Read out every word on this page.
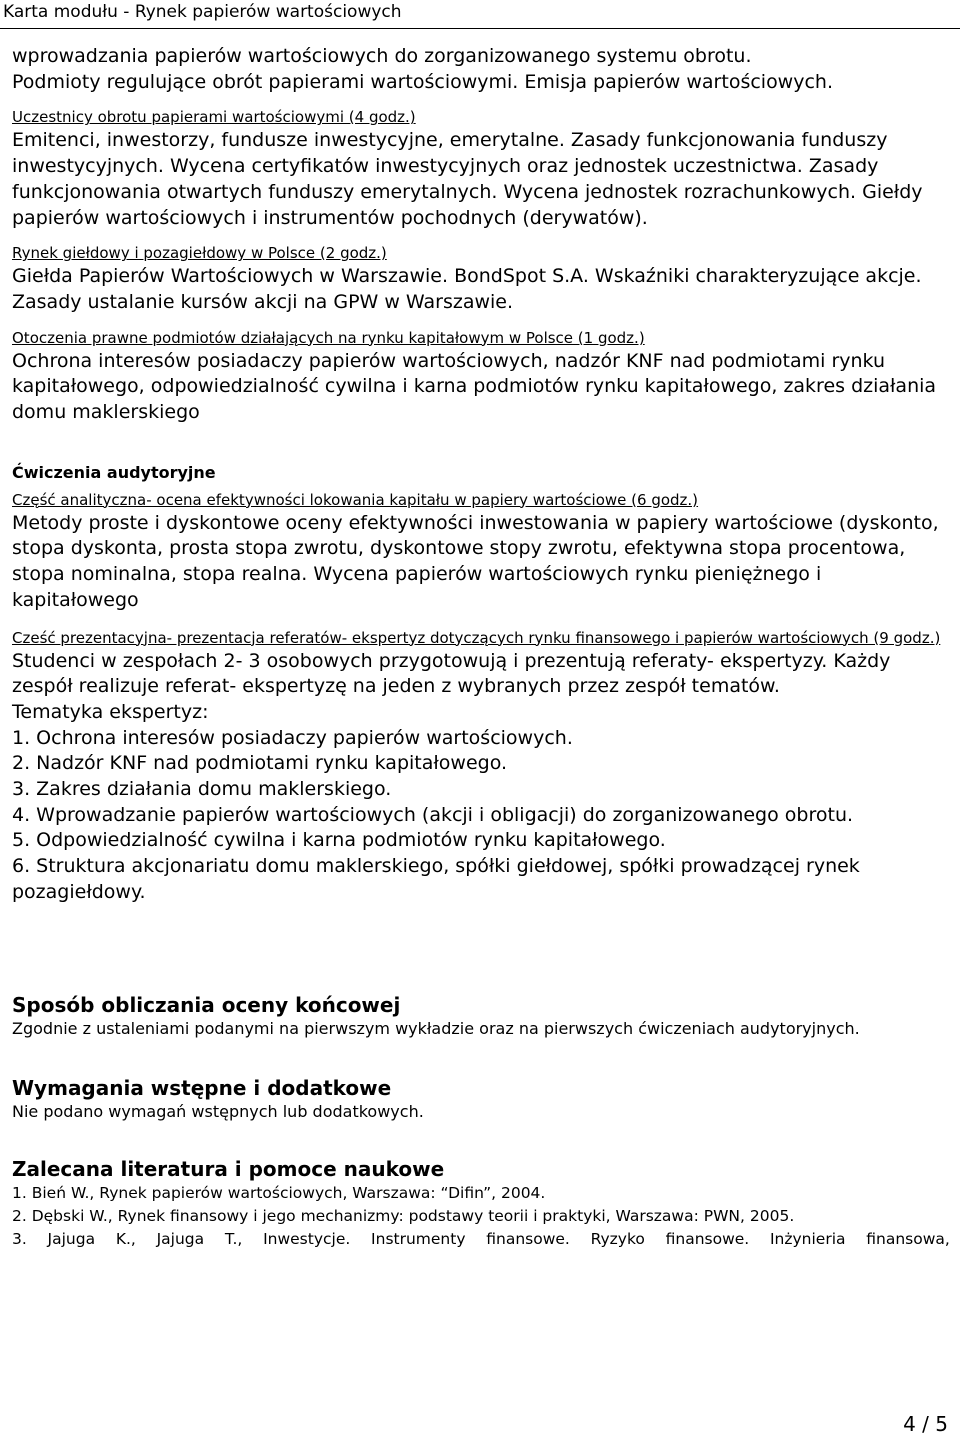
Karta modułu - Rynek papierów wartościowych

wprowadzania papierów wartościowych do zorganizowanego systemu obrotu.

Podmioty regulujące obrót papierami wartościowymi. Emisja papierów wartościowych.

Uczestnicy obrotu papierami wartościowymi (4 godz.)

Emitenci, inwestorzy, fundusze inwestycyjne, emerytalne. Zasady funkcjonowania funduszy inwestycyjnych. Wycena certyfikatów inwestycyjnych oraz jednostek uczestnictwa. Zasady funkcjonowania otwartych funduszy emerytalnych. Wycena jednostek rozrachunkowych. Giełdy papierów wartościowych i instrumentów pochodnych (derywatów).

Rynek giełdowy i pozagiełdowy w Polsce (2 godz.)

Giełda Papierów Wartościowych w Warszawie. BondSpot S.A. Wskaźniki charakteryzujące akcje. Zasady ustalanie kursów akcji na GPW w Warszawie.

Otoczenia prawne podmiotów działających na rynku kapitałowym w Polsce (1 godz.)

Ochrona interesów posiadaczy papierów wartościowych, nadzór KNF nad podmiotami rynku kapitałowego, odpowiedzialność cywilna i karna podmiotów rynku kapitałowego, zakres działania domu maklerskiego

Ćwiczenia audytoryjne

Część analityczna- ocena efektywności lokowania kapitału w papiery wartościowe (6 godz.)

Metody proste i dyskontowe oceny efektywności inwestowania w papiery wartościowe (dyskonto, stopa dyskonta, prosta stopa zwrotu, dyskontowe stopy zwrotu, efektywna stopa procentowa, stopa nominalna, stopa realna. Wycena papierów wartościowych rynku pieniężnego i kapitałowego

Cześć prezentacyjna- prezentacja referatów- ekspertyz dotyczących rynku finansowego i papierów wartościowych (9 godz.)

Studenci w zespołach 2- 3 osobowych przygotowują i prezentują referaty- ekspertyzy. Każdy zespół realizuje referat- ekspertyzę na jeden z wybranych przez zespół tematów.

Tematyka ekspertyz:

1. Ochrona interesów posiadaczy papierów wartościowych.

2. Nadzór KNF nad podmiotami rynku kapitałowego.

3. Zakres działania domu maklerskiego.

4. Wprowadzanie papierów wartościowych (akcji i obligacji) do zorganizowanego obrotu.

5. Odpowiedzialność cywilna i karna podmiotów rynku kapitałowego.

6. Struktura akcjonariatu domu maklerskiego, spółki giełdowej, spółki prowadzącej rynek pozagiełdowy.

Sposób obliczania oceny końcowej

Zgodnie z ustaleniami podanymi na pierwszym wykładzie oraz na pierwszych ćwiczeniach audytoryjnych.

Wymagania wstępne i dodatkowe

Nie podano wymagań wstępnych lub dodatkowych.

Zalecana literatura i pomoce naukowe

1. Bień W., Rynek papierów wartościowych, Warszawa: “Difin”, 2004.

2. Dębski W., Rynek finansowy i jego mechanizmy: podstawy teorii i praktyki, Warszawa: PWN, 2005.

3. Jajuga K., Jajuga T., Inwestycje. Instrumenty finansowe. Ryzyko finansowe. Inżynieria finansowa,

4 / 5
